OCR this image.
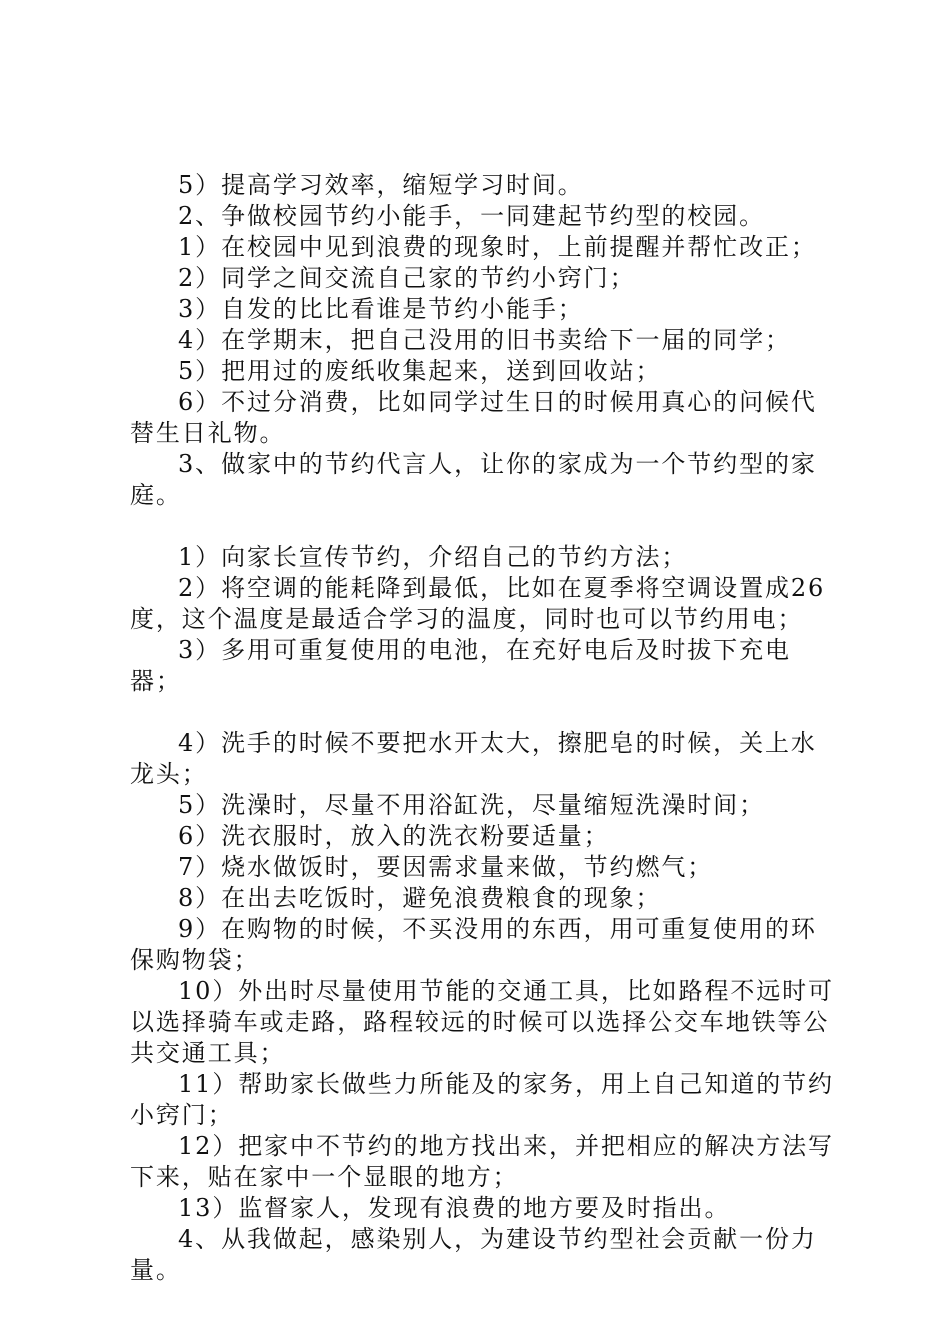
5）提高学习效率，缩短学习时间。

2、争做校园节约小能手，一同建起节约型的校园。

1）在校园中见到浪费的现象时，上前提醒并帮忙改正；

2）同学之间交流自己家的节约小窍门；

3）自发的比比看谁是节约小能手；

4）在学期末，把自己没用的旧书卖给下一届的同学；

5）把用过的废纸收集起来，送到回收站；

6）不过分消费，比如同学过生日的时候用真心的问候代替生日礼物。

3、做家中的节约代言人，让你的家成为一个节约型的家庭。

1）向家长宣传节约，介绍自己的节约方法；

2）将空调的能耗降到最低，比如在夏季将空调设置成26度，这个温度是最适合学习的温度，同时也可以节约用电；

3）多用可重复使用的电池，在充好电后及时拔下充电器；

4）洗手的时候不要把水开太大，擦肥皂的时候，关上水龙头；

5）洗澡时，尽量不用浴缸洗，尽量缩短洗澡时间；

6）洗衣服时，放入的洗衣粉要适量；

7）烧水做饭时，要因需求量来做，节约燃气；

8）在出去吃饭时，避免浪费粮食的现象；

9）在购物的时候，不买没用的东西，用可重复使用的环保购物袋；

10）外出时尽量使用节能的交通工具，比如路程不远时可以选择骑车或走路，路程较远的时候可以选择公交车地铁等公共交通工具；

11）帮助家长做些力所能及的家务，用上自己知道的节约小窍门；

12）把家中不节约的地方找出来，并把相应的解决方法写下来，贴在家中一个显眼的地方；

13）监督家人，发现有浪费的地方要及时指出。

4、从我做起，感染别人，为建设节约型社会贡献一份力量。
